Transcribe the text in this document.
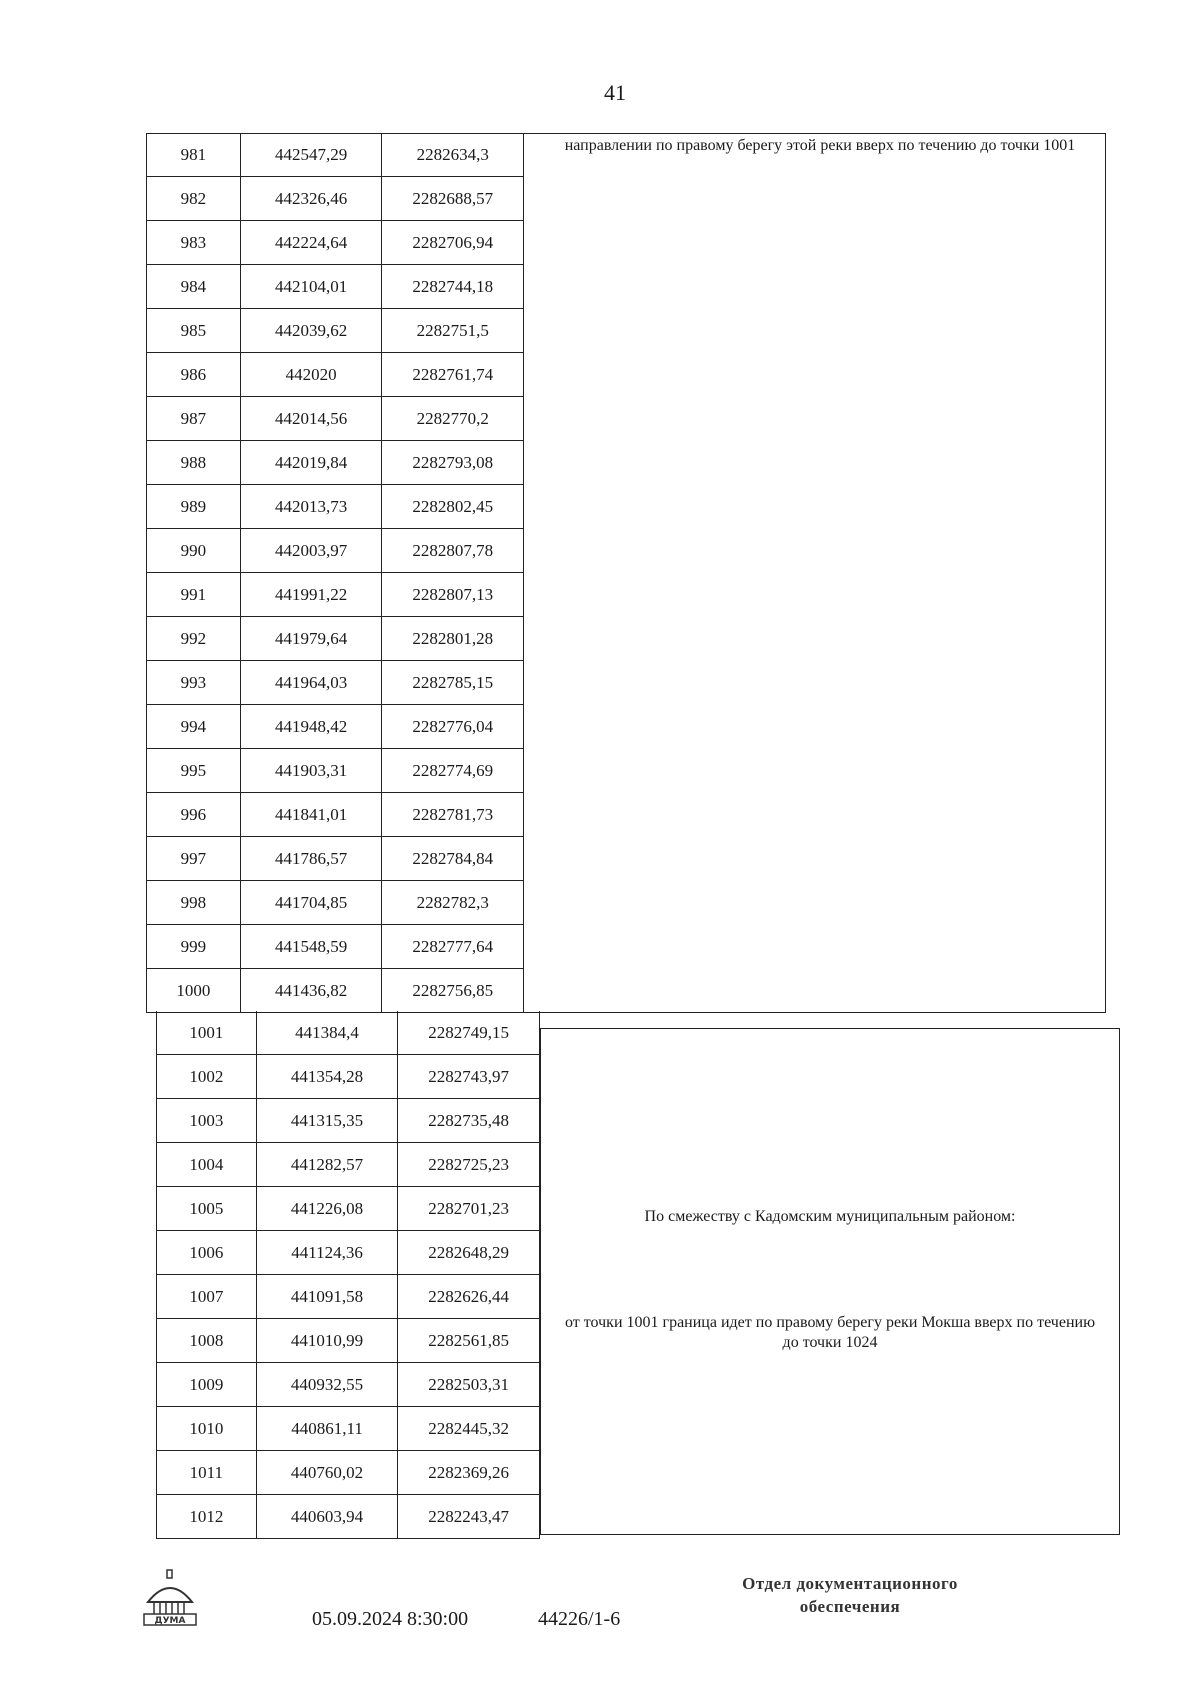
41
981	442547,29	2282634,3
982	442326,46	2282688,57
983	442224,64	2282706,94
984	442104,01	2282744,18
985	442039,62	2282751,5
986	442020	2282761,74
987	442014,56	2282770,2
988	442019,84	2282793,08
989	442013,73	2282802,45
990	442003,97	2282807,78
991	441991,22	2282807,13
992	441979,64	2282801,28
993	441964,03	2282785,15
994	441948,42	2282776,04
995	441903,31	2282774,69
996	441841,01	2282781,73
997	441786,57	2282784,84
998	441704,85	2282782,3
999	441548,59	2282777,64
1000	441436,82	2282756,85
1001	441384,4	2282749,15
1002	441354,28	2282743,97
1003	441315,35	2282735,48
1004	441282,57	2282725,23
1005	441226,08	2282701,23
1006	441124,36	2282648,29
1007	441091,58	2282626,44
1008	441010,99	2282561,85
1009	440932,55	2282503,31
1010	440861,11	2282445,32
1011	440760,02	2282369,26
1012	440603,94	2282243,47
направлении по правому берегу этой реки вверх по течению до точки 1001
По смежеству с Кадомским муниципальным районом:
от точки 1001 граница идет по правому берегу реки Мокша вверх по течению до точки 1024
ДУМА	05.09.2024 8:30:00	44226/1-6
Отдел документационного
обеспечения
